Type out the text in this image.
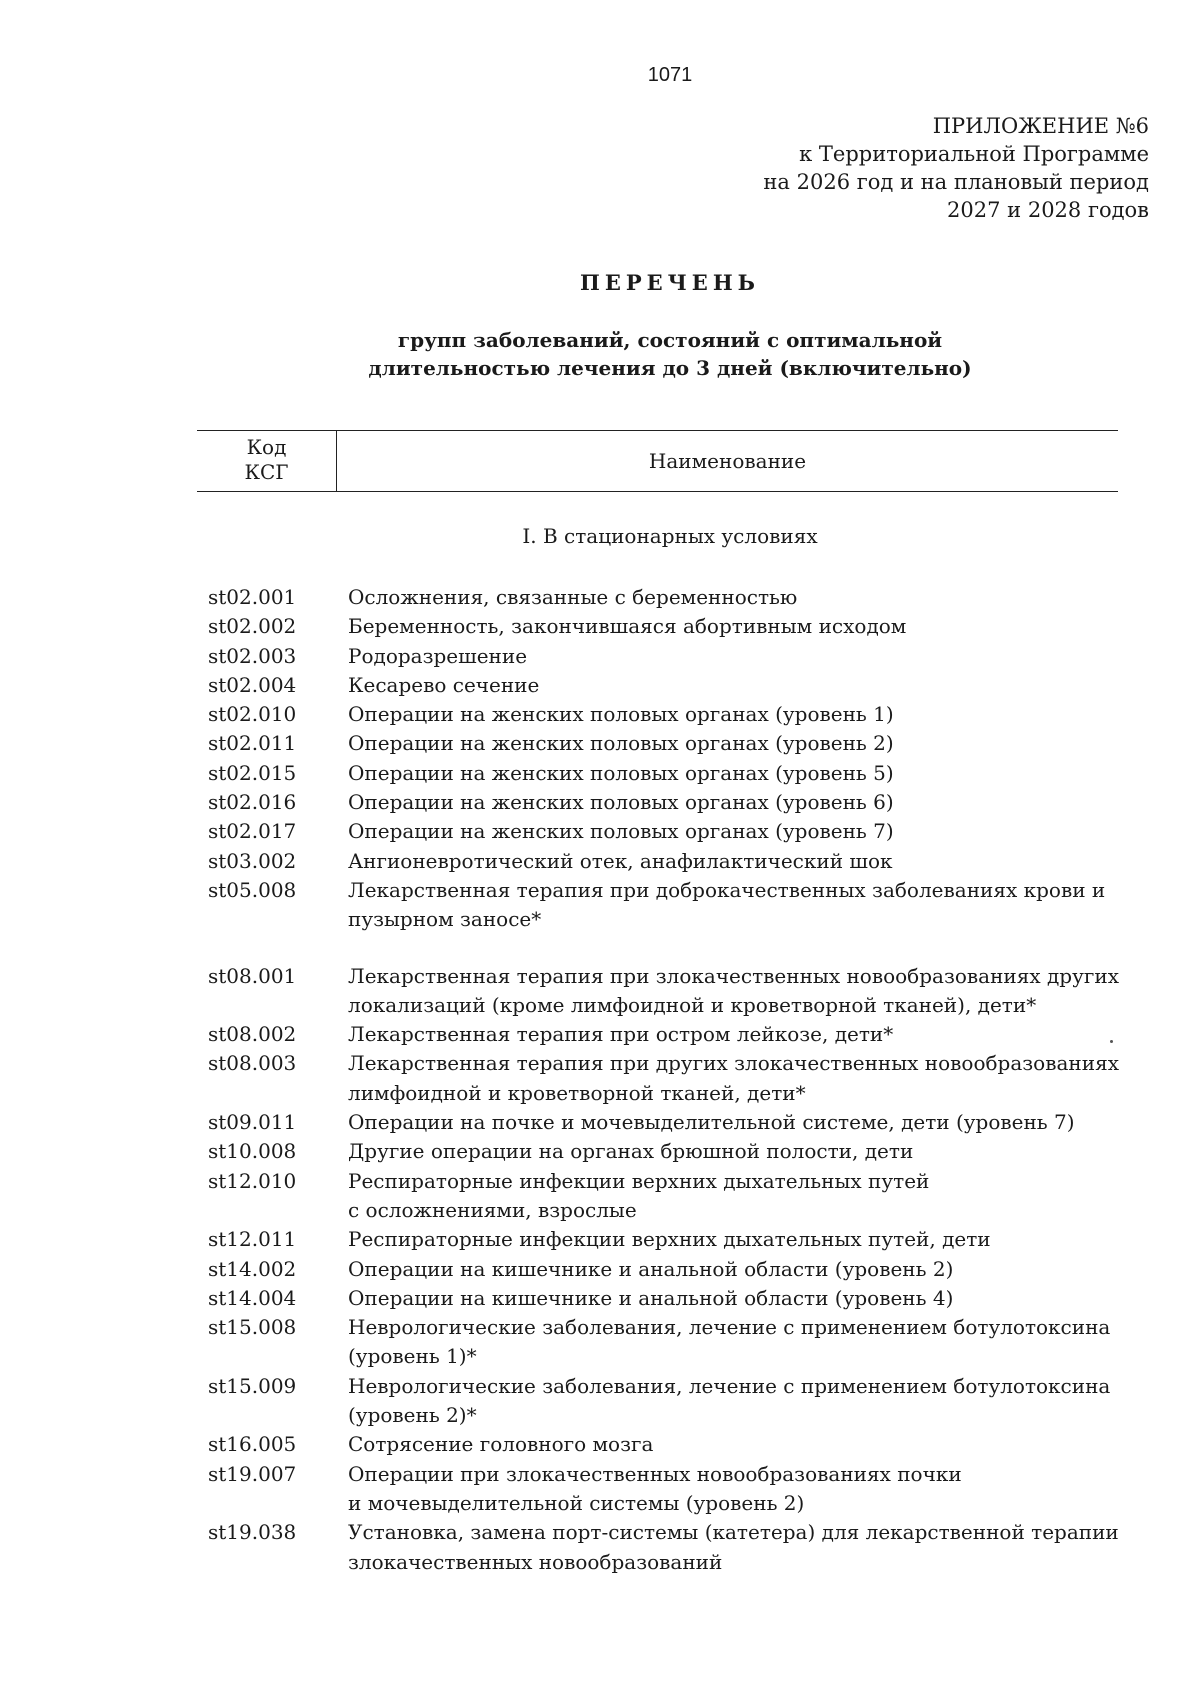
1071
ПРИЛОЖЕНИЕ №6
к Территориальной Программе
на 2026 год и на плановый период
2027 и 2028 годов
ПЕРЕЧЕНЬ
групп заболеваний, состояний с оптимальной
длительностью лечения до 3 дней (включительно)
Код
КСГ	Наименование
I. В стационарных условиях
st02.001	Осложнения, связанные с беременностью
st02.002	Беременность, закончившаяся абортивным исходом
st02.003	Родоразрешение
st02.004	Кесарево сечение
st02.010	Операции на женских половых органах (уровень 1)
st02.011	Операции на женских половых органах (уровень 2)
st02.015	Операции на женских половых органах (уровень 5)
st02.016	Операции на женских половых органах (уровень 6)
st02.017	Операции на женских половых органах (уровень 7)
st03.002	Ангионевротический отек, анафилактический шок
st05.008	Лекарственная терапия при доброкачественных заболеваниях крови и
пузырном заносе*
st08.001	Лекарственная терапия при злокачественных новообразованиях других
локализаций (кроме лимфоидной и кроветворной тканей), дети*
st08.002	Лекарственная терапия при остром лейкозе, дети*
st08.003	Лекарственная терапия при других злокачественных новообразованиях
лимфоидной и кроветворной тканей, дети*
st09.011	Операции на почке и мочевыделительной системе, дети (уровень 7)
st10.008	Другие операции на органах брюшной полости, дети
st12.010	Респираторные инфекции верхних дыхательных путей
с осложнениями, взрослые
st12.011	Респираторные инфекции верхних дыхательных путей, дети
st14.002	Операции на кишечнике и анальной области (уровень 2)
st14.004	Операции на кишечнике и анальной области (уровень 4)
st15.008	Неврологические заболевания, лечение с применением ботулотоксина
(уровень 1)*
st15.009	Неврологические заболевания, лечение с применением ботулотоксина
(уровень 2)*
st16.005	Сотрясение головного мозга
st19.007	Операции при злокачественных новообразованиях почки
и мочевыделительной системы (уровень 2)
st19.038	Установка, замена порт-системы (катетера) для лекарственной терапии
злокачественных новообразований
